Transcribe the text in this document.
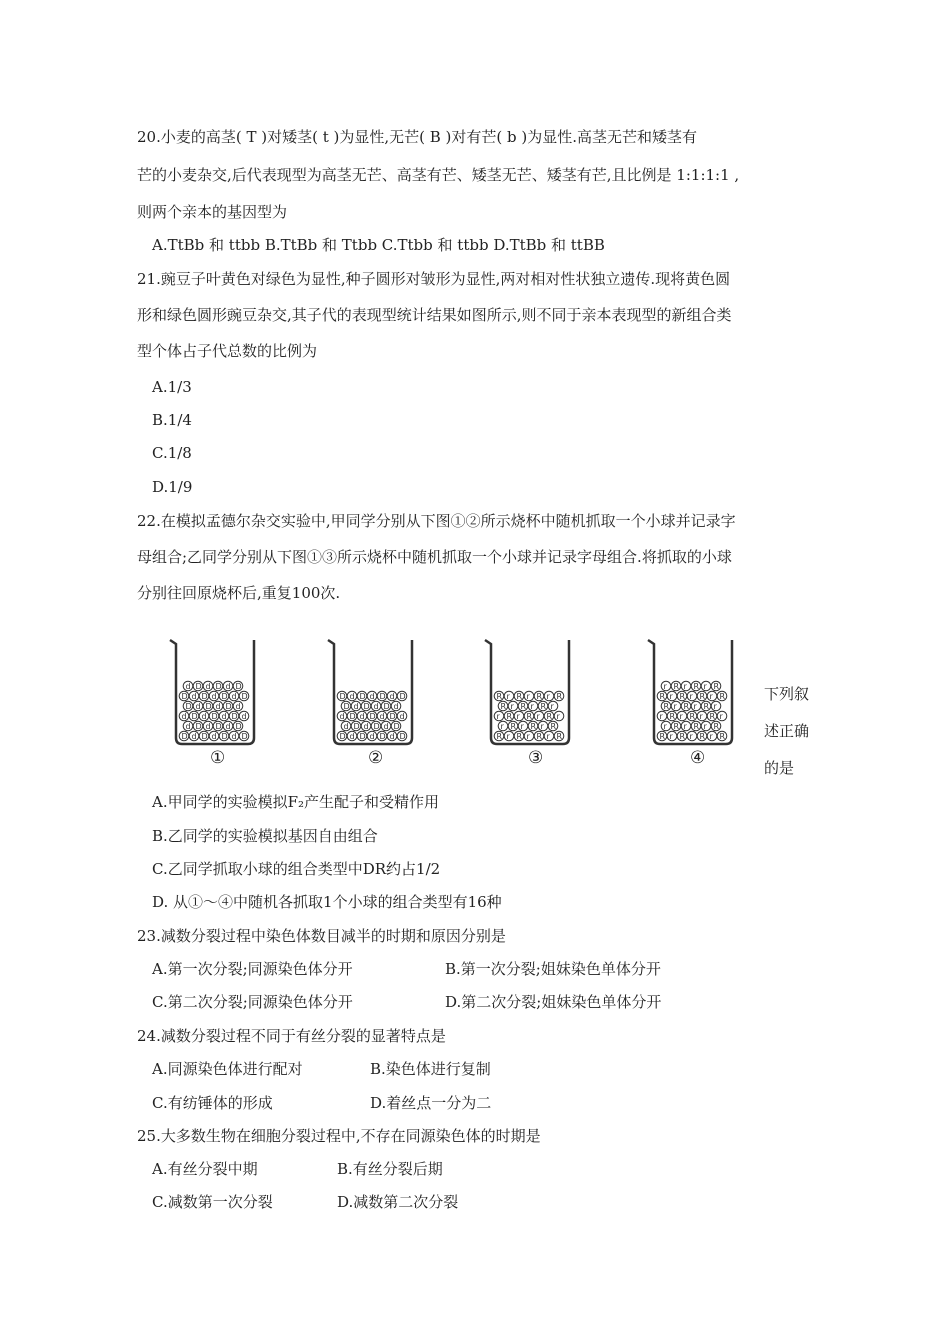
20.小麦的高茎( T )对矮茎( t )为显性,无芒( B )对有芒( b )为显性.高茎无芒和矮茎有
芒的小麦杂交,后代表现型为高茎无芒、高茎有芒、矮茎无芒、矮茎有芒,且比例是 1:1:1:1 ,
则两个亲本的基因型为
A.TtBb 和 ttbb B.TtBb 和 Ttbb C.Ttbb 和 ttbb D.TtBb 和 ttBB
21.豌豆子叶黄色对绿色为显性,种子圆形对皱形为显性,两对相对性状独立遗传.现将黄色圆
形和绿色圆形豌豆杂交,其子代的表现型统计结果如图所示,则不同于亲本表现型的新组合类
型个体占子代总数的比例为
A.1/3
B.1/4
C.1/8
D.1/9
22.在模拟孟德尔杂交实验中,甲同学分别从下图①②所示烧杯中随机抓取一个小球并记录字
母组合;乙同学分别从下图①③所示烧杯中随机抓取一个小球并记录字母组合.将抓取的小球
分别往回原烧杯后,重复100次.
D d D d D d D
d D d D d D
d D d D d D d
D d D d D d
D d D d D d D
d D d D d D
D d D d D d D
d D d D d D
d D d D d D d
D d D d D d
D d D d D d D
R r R r R r R
r R r R r R
r R r R r R r
R r R r R r
R r R r R r R
R r R r R r R
r R r R r R
r R r R r R r
R r R r R r
R r R r R r R
r R r R r R
①	②	③	④
下列叙
述正确
的是
A.甲同学的实验模拟F₂产生配子和受精作用
B.乙同学的实验模拟基因自由组合
C.乙同学抓取小球的组合类型中DR约占1/2
D. 从①～④中随机各抓取1个小球的组合类型有16种
23.减数分裂过程中染色体数目减半的时期和原因分别是
A.第一次分裂;同源染色体分开	B.第一次分裂;姐妹染色单体分开
C.第二次分裂;同源染色体分开	D.第二次分裂;姐妹染色单体分开
24.减数分裂过程不同于有丝分裂的显著特点是
A.同源染色体进行配对	B.染色体进行复制
C.有纺锤体的形成	D.着丝点一分为二
25.大多数生物在细胞分裂过程中,不存在同源染色体的时期是
A.有丝分裂中期	B.有丝分裂后期
C.减数第一次分裂	D.减数第二次分裂
